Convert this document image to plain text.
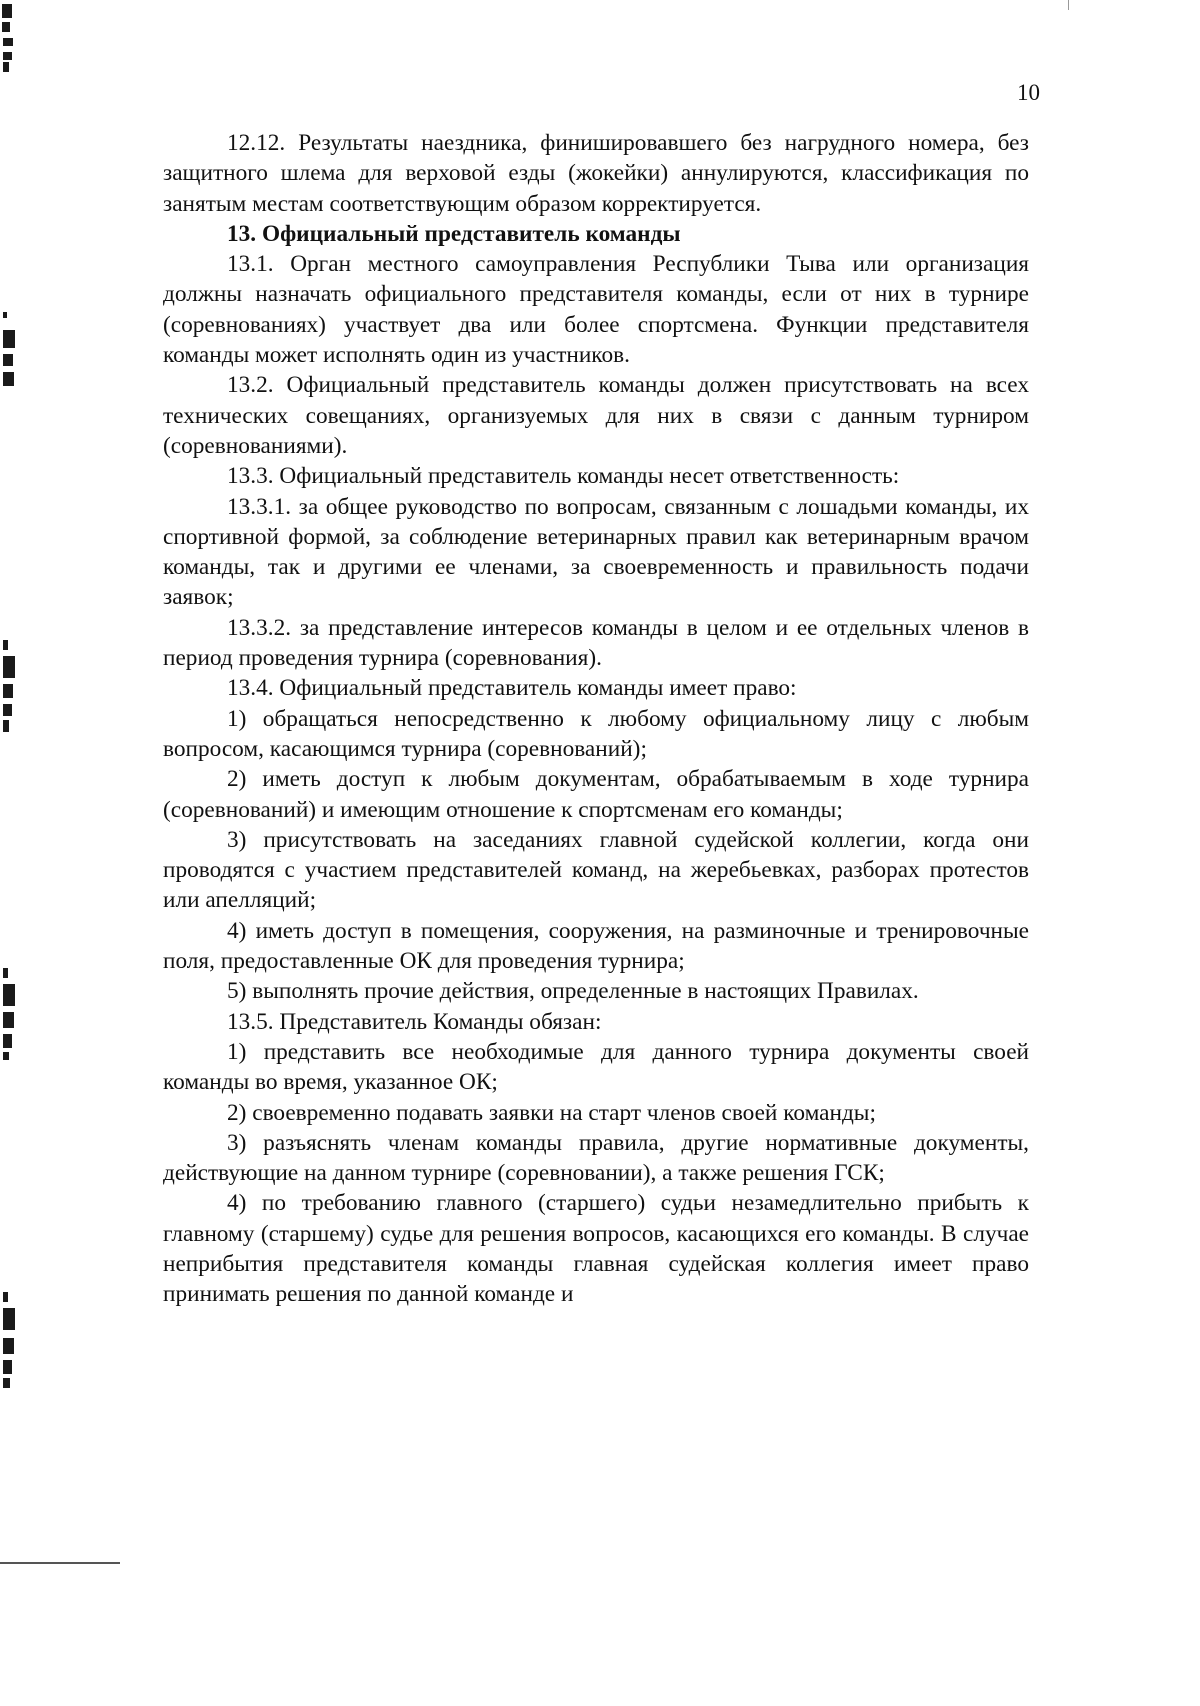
10

12.12. Результаты наездника, финишировавшего без нагрудного номера, без защитного шлема для верховой езды (жокейки) аннулируются, классификация по занятым местам соответствующим образом корректируется.

13. Официальный представитель команды

13.1. Орган местного самоуправления Республики Тыва или организация должны назначать официального представителя команды, если от них в турнире (соревнованиях) участвует два или более спортсмена. Функции представителя команды может исполнять один из участников.

13.2. Официальный представитель команды должен присутствовать на всех технических совещаниях, организуемых для них в связи с данным турниром (соревнованиями).

13.3. Официальный представитель команды несет ответственность:

13.3.1. за общее руководство по вопросам, связанным с лошадьми команды, их спортивной формой, за соблюдение ветеринарных правил как ветеринарным врачом команды, так и другими ее членами, за своевременность и правильность подачи заявок;

13.3.2. за представление интересов команды в целом и ее отдельных членов в период проведения турнира (соревнования).

13.4. Официальный представитель команды имеет право:

1) обращаться непосредственно к любому официальному лицу с любым вопросом, касающимся турнира (соревнований);

2) иметь доступ к любым документам, обрабатываемым в ходе турнира (соревнований) и имеющим отношение к спортсменам его команды;

3) присутствовать на заседаниях главной судейской коллегии, когда они проводятся с участием представителей команд, на жеребьевках, разборах протестов или апелляций;

4) иметь доступ в помещения, сооружения, на разминочные и тренировочные поля, предоставленные ОК для проведения турнира;

5) выполнять прочие действия, определенные в настоящих Правилах.

13.5. Представитель Команды обязан:

1) представить все необходимые для данного турнира документы своей команды во время, указанное ОК;

2) своевременно подавать заявки на старт членов своей команды;

3) разъяснять членам команды правила, другие нормативные документы, действующие на данном турнире (соревновании), а также решения ГСК;

4) по требованию главного (старшего) судьи незамедлительно прибыть к главному (старшему) судье для решения вопросов, касающихся его команды. В случае неприбытия представителя команды главная судейская коллегия имеет право принимать решения по данной команде и
